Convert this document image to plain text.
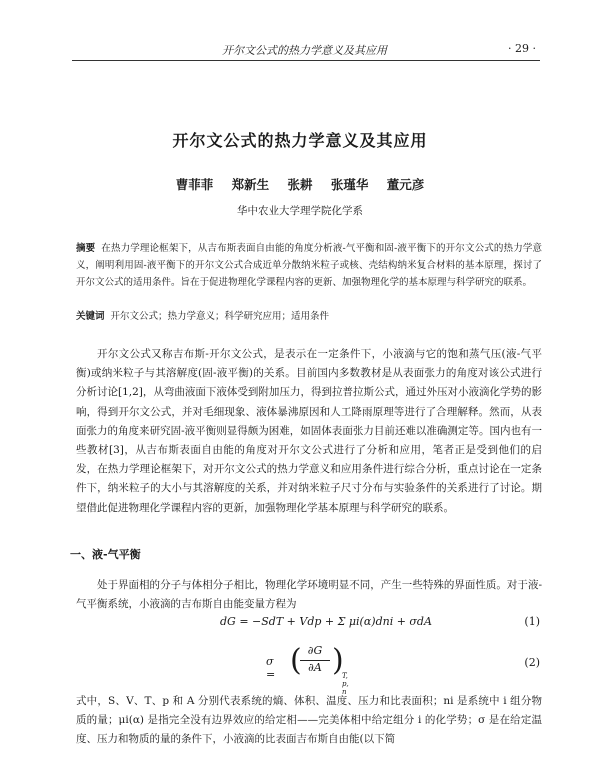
开尔文公式的热力学意义及其应用	· 29 ·
开尔文公式的热力学意义及其应用
曹菲菲 郑新生 张耕 张瑾华 董元彦
华中农业大学理学院化学系
摘要 在热力学理论框架下，从吉布斯表面自由能的角度分析液-气平衡和固-液平衡下的开尔文公式的热力学意义，阐明利用固-液平衡下的开尔文公式合成近单分散纳米粒子或核、壳结构纳米复合材料的基本原理，探讨了开尔文公式的适用条件。旨在于促进物理化学课程内容的更新、加强物理化学的基本原理与科学研究的联系。
关键词 开尔文公式；热力学意义；科学研究应用；适用条件

开尔文公式又称吉布斯-开尔文公式，是表示在一定条件下，小液滴与它的饱和蒸气压(液-气平衡)或纳米粒子与其溶解度(固-液平衡)的关系。目前国内多数教材是从表面张力的角度对该公式进行分析讨论[1,2]，从弯曲液面下液体受到附加压力，得到拉普拉斯公式，通过外压对小液滴化学势的影响，得到开尔文公式，并对毛细现象、液体暴沸原因和人工降雨原理等进行了合理解释。然而，从表面张力的角度来研究固-液平衡则显得颇为困难，如固体表面张力目前还难以准确测定等。国内也有一些教材[3]，从吉布斯表面自由能的角度对开尔文公式进行了分析和应用，笔者正是受到他们的启发，在热力学理论框架下，对开尔文公式的热力学意义和应用条件进行综合分析，重点讨论在一定条件下，纳米粒子的大小与其溶解度的关系，并对纳米粒子尺寸分布与实验条件的关系进行了讨论。期望借此促进物理化学课程内容的更新，加强物理化学基本原理与科学研究的联系。

一、液-气平衡

处于界面相的分子与体相分子相比，物理化学环境明显不同，产生一些特殊的界面性质。对于液-气平衡系统，小液滴的吉布斯自由能变量方程为

dG = −SdT + Vdp + Σ μi(α)dni + σdA	(1)
σ = (
$\frac{\partial G}{\partial A}$ )
T, p, n
(2)

式中，S、V、T、p 和 A 分别代表系统的熵、体积、温度、压力和比表面积；ni 是系统中 i 组分物质的量；μi(α) 是指完全没有边界效应的给定相——完美体相中给定组分 i 的化学势；σ 是在给定温度、压力和物质的量的条件下，小液滴的比表面吉布斯自由能(以下简
